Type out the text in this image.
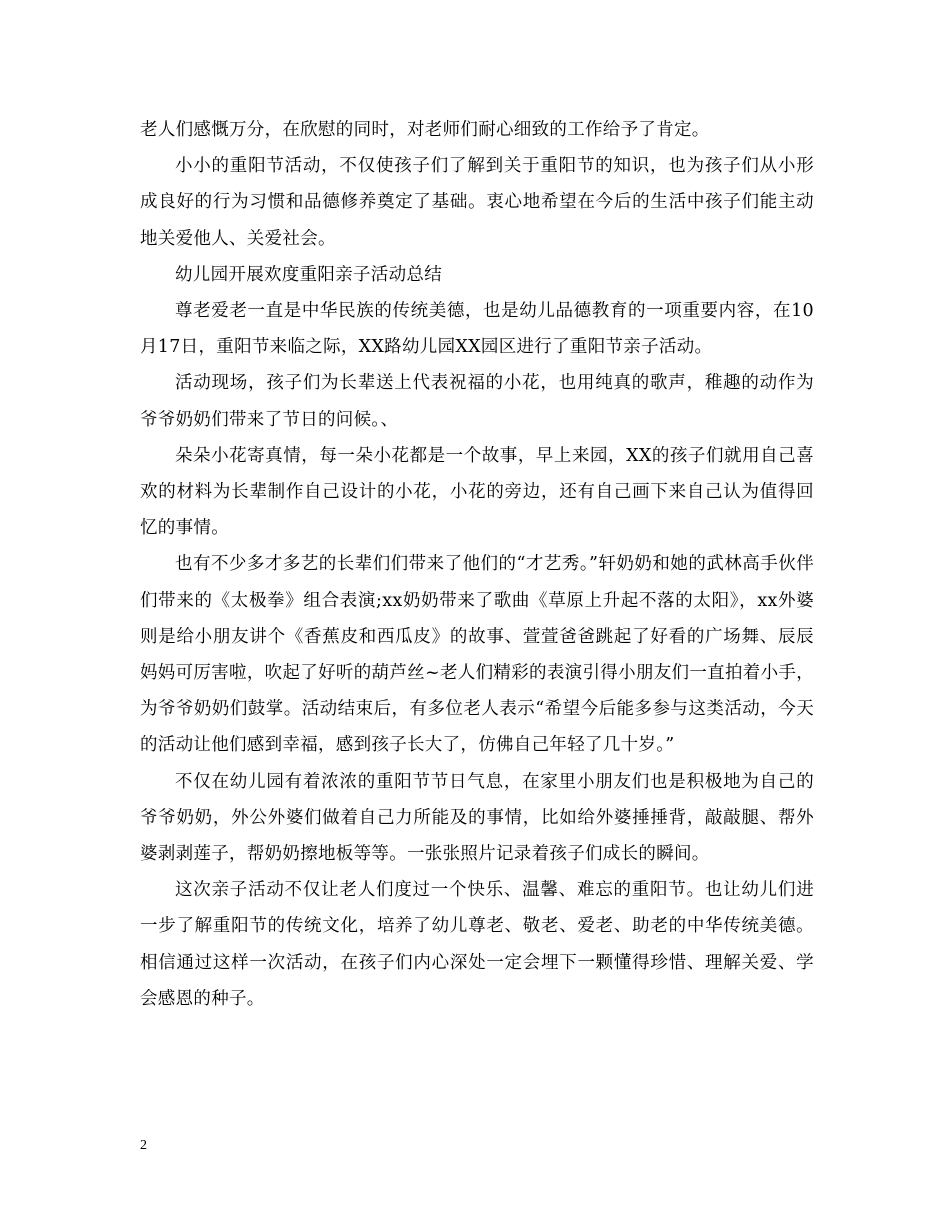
老人们感慨万分，在欣慰的同时，对老师们耐心细致的工作给予了肯定。

小小的重阳节活动，不仅使孩子们了解到关于重阳节的知识，也为孩子们从小形成良好的行为习惯和品德修养奠定了基础。衷心地希望在今后的生活中孩子们能主动地关爱他人、关爱社会。

幼儿园开展欢度重阳亲子活动总结

尊老爱老一直是中华民族的传统美德，也是幼儿品德教育的一项重要内容，在10月17日，重阳节来临之际，XX路幼儿园XX园区进行了重阳节亲子活动。

活动现场，孩子们为长辈送上代表祝福的小花，也用纯真的歌声，稚趣的动作为爷爷奶奶们带来了节日的问候。、

朵朵小花寄真情，每一朵小花都是一个故事，早上来园，XX的孩子们就用自己喜欢的材料为长辈制作自己设计的小花，小花的旁边，还有自己画下来自己认为值得回忆的事情。

也有不少多才多艺的长辈们们带来了他们的“才艺秀。”轩奶奶和她的武林高手伙伴们带来的《太极拳》组合表演;xx奶奶带来了歌曲《草原上升起不落的太阳》，xx外婆则是给小朋友讲个《香蕉皮和西瓜皮》的故事、萱萱爸爸跳起了好看的广场舞、辰辰妈妈可厉害啦，吹起了好听的葫芦丝~老人们精彩的表演引得小朋友们一直拍着小手，为爷爷奶奶们鼓掌。活动结束后，有多位老人表示“希望今后能多参与这类活动，今天的活动让他们感到幸福，感到孩子长大了，仿佛自己年轻了几十岁。”

不仅在幼儿园有着浓浓的重阳节节日气息，在家里小朋友们也是积极地为自己的爷爷奶奶，外公外婆们做着自己力所能及的事情，比如给外婆捶捶背，敲敲腿、帮外婆剥剥莲子，帮奶奶擦地板等等。一张张照片记录着孩子们成长的瞬间。

这次亲子活动不仅让老人们度过一个快乐、温馨、难忘的重阳节。也让幼儿们进一步了解重阳节的传统文化，培养了幼儿尊老、敬老、爱老、助老的中华传统美德。相信通过这样一次活动，在孩子们内心深处一定会埋下一颗懂得珍惜、理解关爱、学会感恩的种子。

2
